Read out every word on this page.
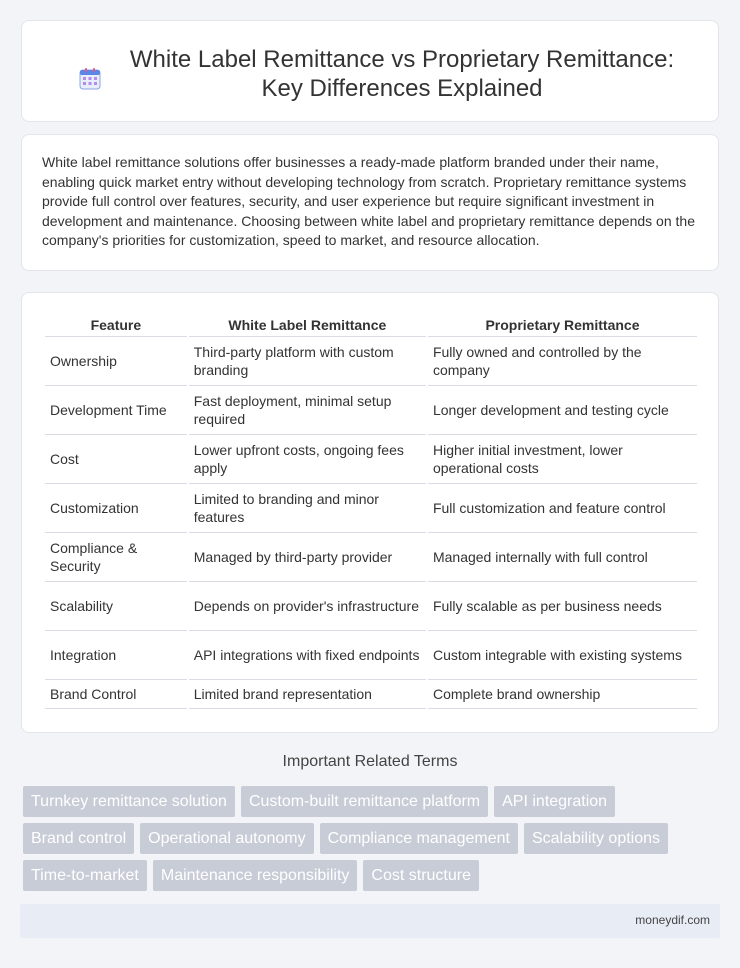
White Label Remittance vs Proprietary Remittance: Key Differences Explained

White label remittance solutions offer businesses a ready-made platform branded under their name, enabling quick market entry without developing technology from scratch. Proprietary remittance systems provide full control over features, security, and user experience but require significant investment in development and maintenance. Choosing between white label and proprietary remittance depends on the company's priorities for customization, speed to market, and resource allocation.

Feature	White Label Remittance	Proprietary Remittance
Ownership	Third-party platform with custom branding	Fully owned and controlled by the company
Development Time	Fast deployment, minimal setup required	Longer development and testing cycle
Cost	Lower upfront costs, ongoing fees apply	Higher initial investment, lower operational costs
Customization	Limited to branding and minor features	Full customization and feature control
Compliance & Security	Managed by third-party provider	Managed internally with full control
Scalability	Depends on provider's infrastructure	Fully scalable as per business needs
Integration	API integrations with fixed endpoints	Custom integrable with existing systems
Brand Control	Limited brand representation	Complete brand ownership
Important Related Terms
Turnkey remittance solution	Custom-built remittance platform	API integration
Brand control	Operational autonomy	Compliance management	Scalability options
Time-to-market	Maintenance responsibility	Cost structure
moneydif.com
